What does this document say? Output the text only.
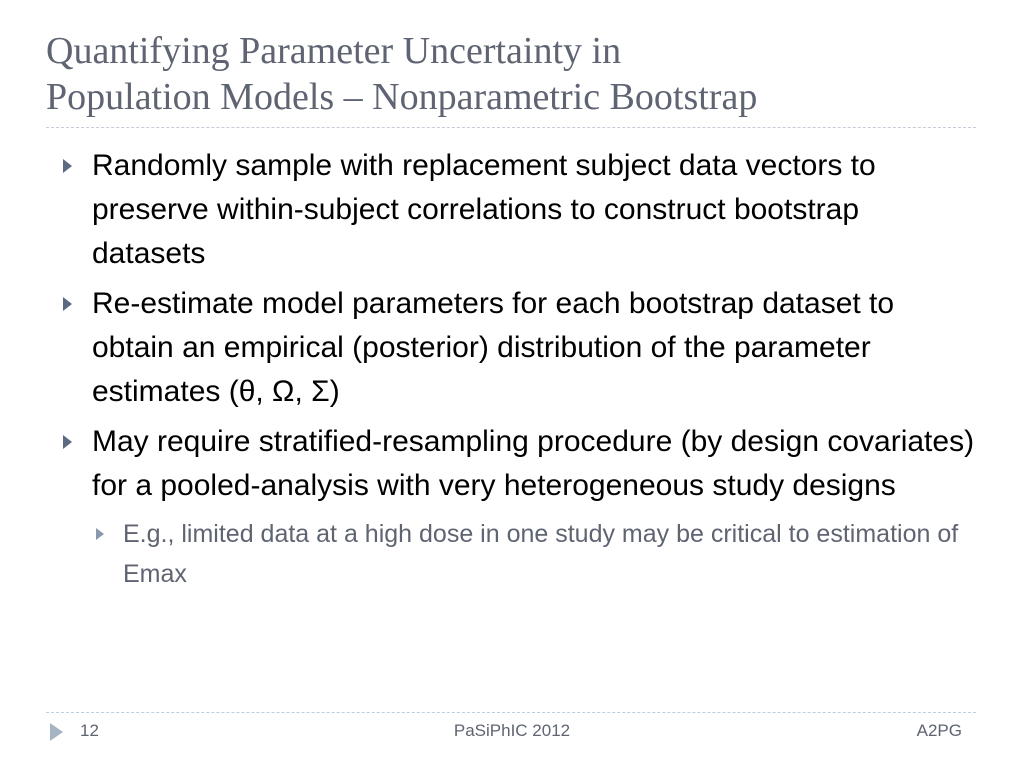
Quantifying Parameter Uncertainty in
Population Models – Nonparametric Bootstrap
Randomly sample with replacement subject data vectors to preserve within-subject correlations to construct bootstrap datasets
Re-estimate model parameters for each bootstrap dataset to obtain an empirical (posterior) distribution of the parameter estimates (θ, Ω, Σ)
May require stratified-resampling procedure (by design covariates) for a pooled-analysis with very heterogeneous study designs
E.g., limited data at a high dose in one study may be critical to estimation of Emax
12	PaSiPhIC 2012	A2PG
